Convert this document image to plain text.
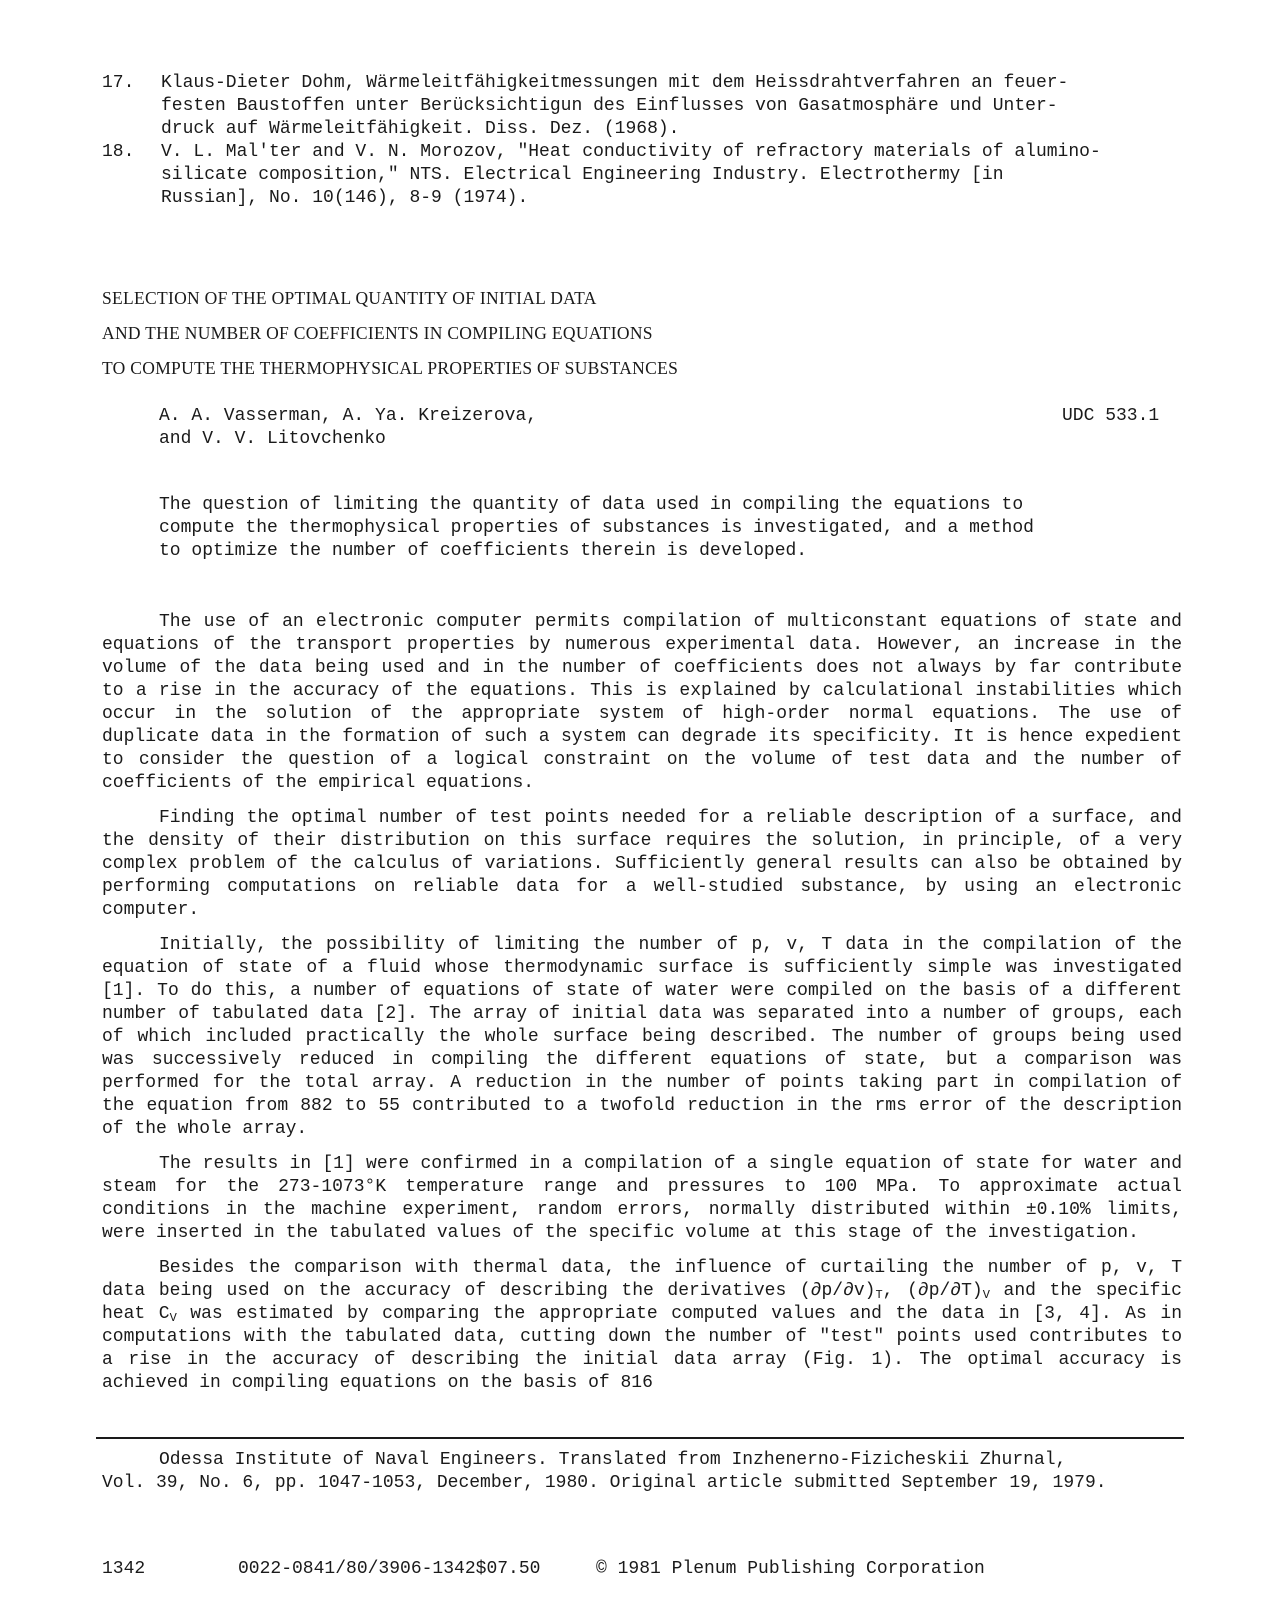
17. Klaus-Dieter Dohm, Wärmeleitfähigkeitmessungen mit dem Heissdrahtverfahren an feuer-
festen Baustoffen unter Berücksichtigun des Einflusses von Gasatmosphäre und Unter-
druck auf Wärmeleitfähigkeit. Diss. Dez. (1968).
18. V. L. Mal'ter and V. N. Morozov, "Heat conductivity of refractory materials of alumino-
silicate composition," NTS. Electrical Engineering Industry. Electrothermy [in
Russian], No. 10(146), 8-9 (1974).
SELECTION OF THE OPTIMAL QUANTITY OF INITIAL DATA
AND THE NUMBER OF COEFFICIENTS IN COMPILING EQUATIONS
TO COMPUTE THE THERMOPHYSICAL PROPERTIES OF SUBSTANCES
A. A. Vasserman, A. Ya. Kreizerova,
and V. V. Litovchenko
UDC 533.1
The question of limiting the quantity of data used in compiling the equations to
compute the thermophysical properties of substances is investigated, and a method
to optimize the number of coefficients therein is developed.

The use of an electronic computer permits compilation of multiconstant equations of state and equations of the transport properties by numerous experimental data. However, an increase in the volume of the data being used and in the number of coefficients does not always by far contribute to a rise in the accuracy of the equations. This is explained by calculational instabilities which occur in the solution of the appropriate system of high-order normal equations. The use of duplicate data in the formation of such a system can degrade its specificity. It is hence expedient to consider the question of a logical constraint on the volume of test data and the number of coefficients of the empirical equations.

Finding the optimal number of test points needed for a reliable description of a surface, and the density of their distribution on this surface requires the solution, in principle, of a very complex problem of the calculus of variations. Sufficiently general results can also be obtained by performing computations on reliable data for a well-studied substance, by using an electronic computer.

Initially, the possibility of limiting the number of p, v, T data in the compilation of the equation of state of a fluid whose thermodynamic surface is sufficiently simple was investigated [1]. To do this, a number of equations of state of water were compiled on the basis of a different number of tabulated data [2]. The array of initial data was separated into a number of groups, each of which included practically the whole surface being described. The number of groups being used was successively reduced in compiling the different equations of state, but a comparison was performed for the total array. A reduction in the number of points taking part in compilation of the equation from 882 to 55 contributed to a twofold reduction in the rms error of the description of the whole array.

The results in [1] were confirmed in a compilation of a single equation of state for water and steam for the 273-1073°K temperature range and pressures to 100 MPa. To approximate actual conditions in the machine experiment, random errors, normally distributed within ±0.10% limits, were inserted in the tabulated values of the specific volume at this stage of the investigation.

Besides the comparison with thermal data, the influence of curtailing the number of p, v, T data being used on the accuracy of describing the derivatives $(\partial p/\partial v)_T$, $(\partial p/\partial T)_V$ and the specific heat $C_V$ was estimated by comparing the appropriate computed values and the data in [3, 4]. As in computations with the tabulated data, cutting down the number of "test" points used contributes to a rise in the accuracy of describing the initial data array (Fig. 1). The optimal accuracy is achieved in compiling equations on the basis of 816

Odessa Institute of Naval Engineers. Translated from Inzhenerno-Fizicheskii Zhurnal,
Vol. 39, No. 6, pp. 1047-1053, December, 1980. Original article submitted September 19, 1979.
1342	0022-0841/80/3906-1342$07.50	© 1981 Plenum Publishing Corporation
